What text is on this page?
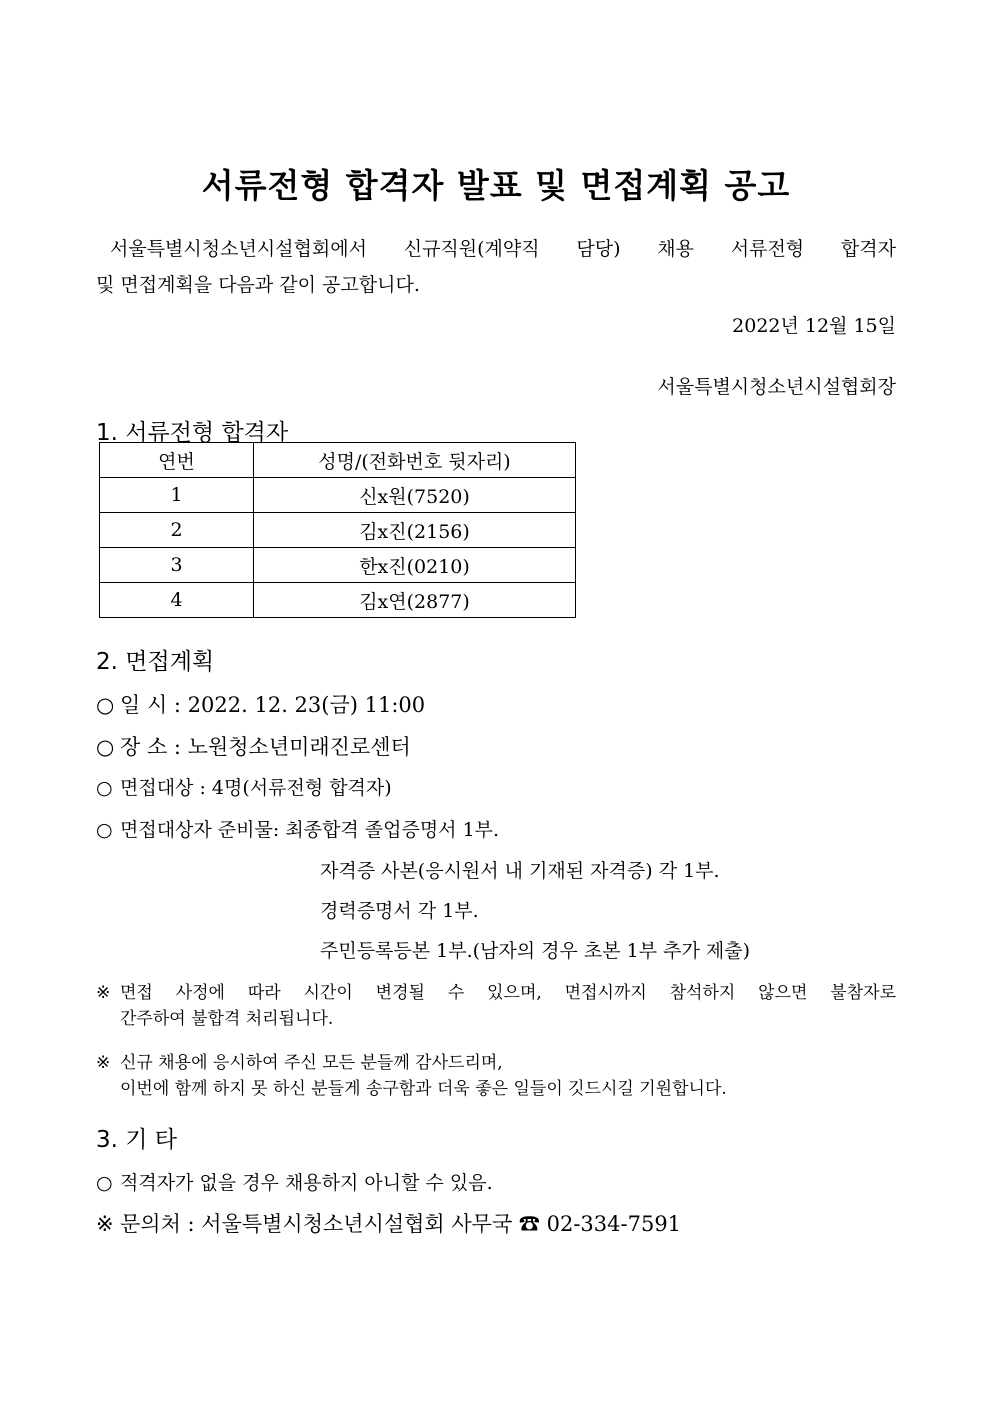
서류전형 합격자 발표 및 면접계획 공고
서울특별시청소년시설협회에서 신규직원(계약직 담당) 채용 서류전형 합격자
및 면접계획을 다음과 같이 공고합니다.
2022년 12월 15일
서울특별시청소년시설협회장
1. 서류전형 합격자
연번	성명/(전화번호 뒷자리)
1	신x원(7520)
2	김x진(2156)
3	한x진(0210)
4	김x연(2877)
2. 면접계획
○ 일 시 : 2022. 12. 23(금) 11:00
○ 장 소 : 노원청소년미래진로센터
○ 면접대상 : 4명(서류전형 합격자)
○ 면접대상자 준비물: 최종합격 졸업증명서 1부.
자격증 사본(응시원서 내 기재된 자격증) 각 1부.
경력증명서 각 1부.
주민등록등본 1부.(남자의 경우 초본 1부 추가 제출)
※ 면접 사정에 따라 시간이 변경될 수 있으며, 면접시까지 참석하지 않으면 불참자로
간주하여 불합격 처리됩니다.
※ 신규 채용에 응시하여 주신 모든 분들께 감사드리며,
이번에 함께 하지 못 하신 분들게 송구함과 더욱 좋은 일들이 깃드시길 기원합니다.
3. 기 타
○ 적격자가 없을 경우 채용하지 아니할 수 있음.
※ 문의처 : 서울특별시청소년시설협회 사무국 ☎ 02-334-7591
